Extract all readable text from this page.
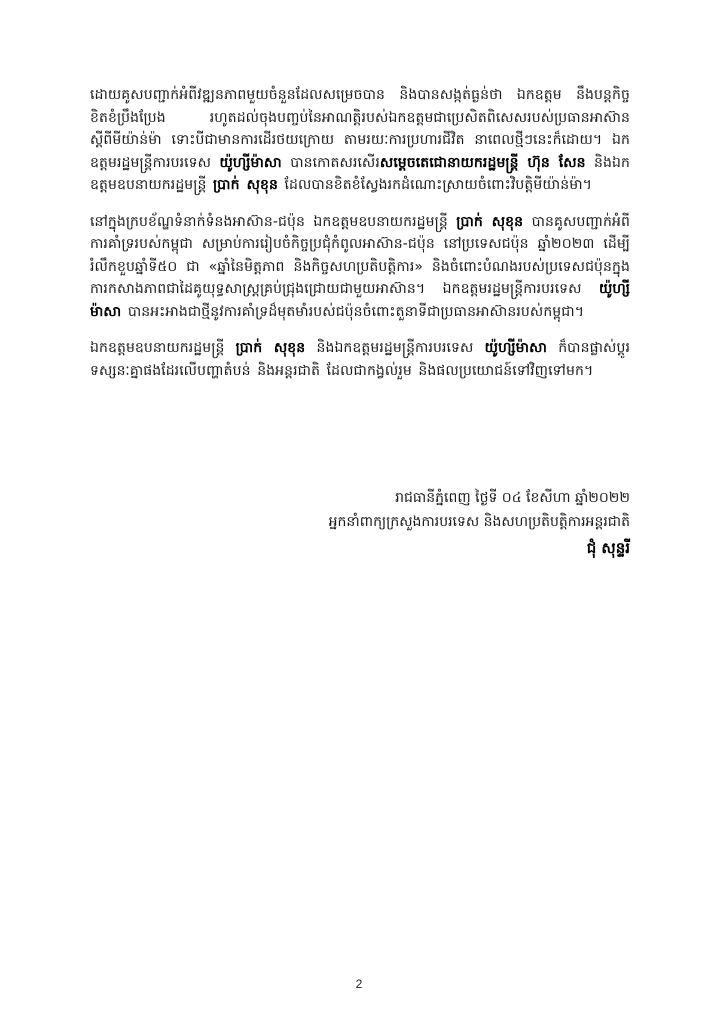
ដោយគូសបញ្ជាក់អំពីវឌ្ឍនភាពមួយចំនួនដែលសម្រេចបាន និងបានសង្កត់ធ្ងន់ថា ឯកឧត្តម នឹងបន្តកិច្ចខិតខំប្រឹងប្រែង រហូតដល់ចុងបញ្ចប់នៃអាណត្តិរបស់ឯកឧត្តមជាប្រេសិតពិសេសរបស់ប្រធានអាស៊ានស្តីពីមីយ៉ាន់ម៉ា ទោះបីជាមានការដើរថយក្រោយ តាមរយៈការប្រហារជីវិត នាពេលថ្មីៗនេះក៏ដោយ។ ឯកឧត្តមរដ្ឋមន្ត្រីការបរទេស យ៉ូហ្សីម៉ាសា បានកោតសរសើរសម្តេចតេជោនាយករដ្ឋមន្ត្រី ហ៊ុន សែន និងឯកឧត្តមឧបនាយករដ្ឋមន្ត្រី ប្រាក់ សុខុន ដែលបានខិតខំស្វែងរកដំណោះស្រាយចំពោះវិបត្តិមីយ៉ាន់ម៉ា។

នៅក្នុងក្របខ័ណ្ឌទំនាក់ទំនងអាស៊ាន-ជប៉ុន ឯកឧត្តមឧបនាយករដ្ឋមន្ត្រី ប្រាក់ សុខុន បានគូសបញ្ជាក់អំពីការគាំទ្ររបស់កម្ពុជា សម្រាប់ការរៀបចំកិច្ចប្រជុំកំពូលអាស៊ាន-ជប៉ុន នៅប្រទេសជប៉ុន ឆ្នាំ២០២៣ ដើម្បីរំលឹកខួបឆ្នាំទី៥០ ជា «ឆ្នាំនៃមិត្តភាព និងកិច្ចសហប្រតិបត្តិការ» និងចំពោះបំណងរបស់ប្រទេសជប៉ុនក្នុងការកសាងភាពជាដៃគូយុទ្ធសាស្ត្រគ្រប់ជ្រុងជ្រោយជាមួយអាស៊ាន។ ឯកឧត្តមរដ្ឋមន្ត្រីការបរទេស យ៉ូហ្សីម៉ាសា បានអះអាងជាថ្មីនូវការគាំទ្រដ៏មុតមាំរបស់ជប៉ុនចំពោះតួនាទីជាប្រធានអាស៊ានរបស់កម្ពុជា។

ឯកឧត្តមឧបនាយករដ្ឋមន្ត្រី ប្រាក់ សុខុន និងឯកឧត្តមរដ្ឋមន្ត្រីការបរទេស យ៉ូហ្សីម៉ាសា ក៏បានផ្លាស់ប្តូរទស្សនៈគ្នាផងដែរលើបញ្ហាតំបន់ និងអន្តរជាតិ ដែលជាកង្វល់រួម និងផលប្រយោជន៍ទៅវិញទៅមក។

រាជធានីភ្នំពេញ ថ្ងៃទី ០៤ ខែសីហា ឆ្នាំ២០២២
អ្នកនាំពាក្យក្រសួងការបរទេស និងសហប្រតិបត្តិការអន្តរជាតិ
ជុំ សុន្ទរី
2
